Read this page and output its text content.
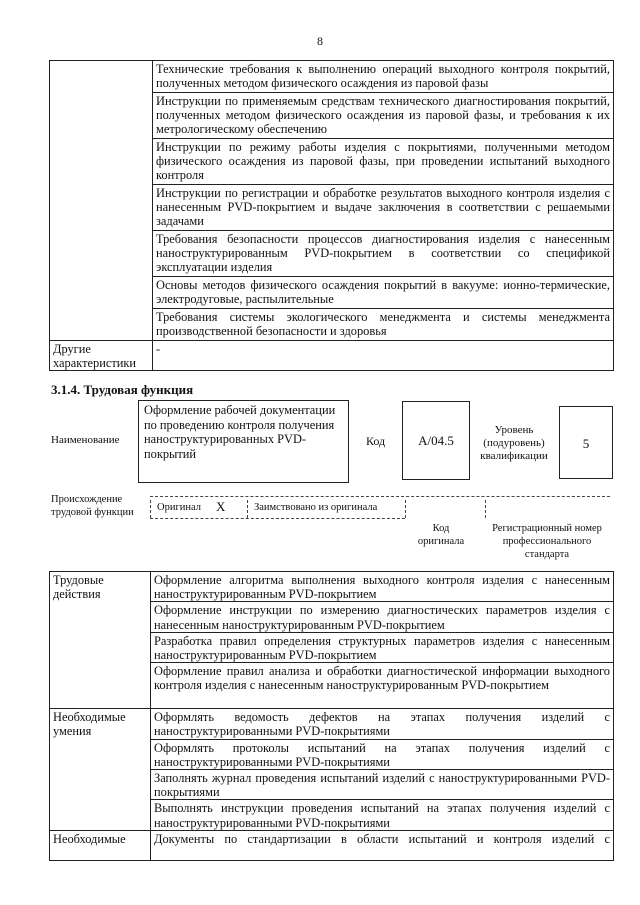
8
	Технические требования к выполнению операций выходного контроля покрытий, полученных методом физического осаждения из паровой фазы
	Инструкции по применяемым средствам технического диагностирования покрытий, полученных методом физического осаждения из паровой фазы, и требования к их метрологическому обеспечению
	Инструкции по режиму работы изделия с покрытиями, полученными методом физического осаждения из паровой фазы, при проведении испытаний выходного контроля
	Инструкции по регистрации и обработке результатов выходного контроля изделия с нанесенным PVD-покрытием и выдаче заключения в соответствии с решаемыми задачами
	Требования безопасности процессов диагностирования изделия с нанесенным наноструктурированным PVD-покрытием в соответствии со спецификой эксплуатации изделия
	Основы методов физического осаждения покрытий в вакууме: ионно-термические, электродуговые, распылительные
	Требования системы экологического менеджмента и системы менеджмента производственной безопасности и здоровья
Другие характеристики	-
3.1.4. Трудовая функция
Наименование
Оформление рабочей документации по проведению контроля получения наноструктурированных PVD-покрытий
Код	A/04.5
Уровень (подуровень) квалификации
5
Происхождение трудовой функции	Оригинал X	Заимствовано из оригинала
Код оригинала
Регистрационный номер профессионального стандарта
Трудовые действия	Оформление алгоритма выполнения выходного контроля изделия с нанесенным наноструктурированным PVD-покрытием
	Оформление инструкции по измерению диагностических параметров изделия с нанесенным наноструктурированным PVD-покрытием
	Разработка правил определения структурных параметров изделия с нанесенным наноструктурированным PVD-покрытием
	Оформление правил анализа и обработки диагностической информации выходного контроля изделия с нанесенным наноструктурированным PVD-покрытием
Необходимые умения	Оформлять ведомость дефектов на этапах получения изделий с наноструктурированными PVD-покрытиями
	Оформлять протоколы испытаний на этапах получения изделий с наноструктурированными PVD-покрытиями
	Заполнять журнал проведения испытаний изделий с наноструктурированными PVD-покрытиями
	Выполнять инструкции проведения испытаний на этапах получения изделий с наноструктурированными PVD-покрытиями
Необходимые	Документы по стандартизации в области испытаний и контроля изделий с
